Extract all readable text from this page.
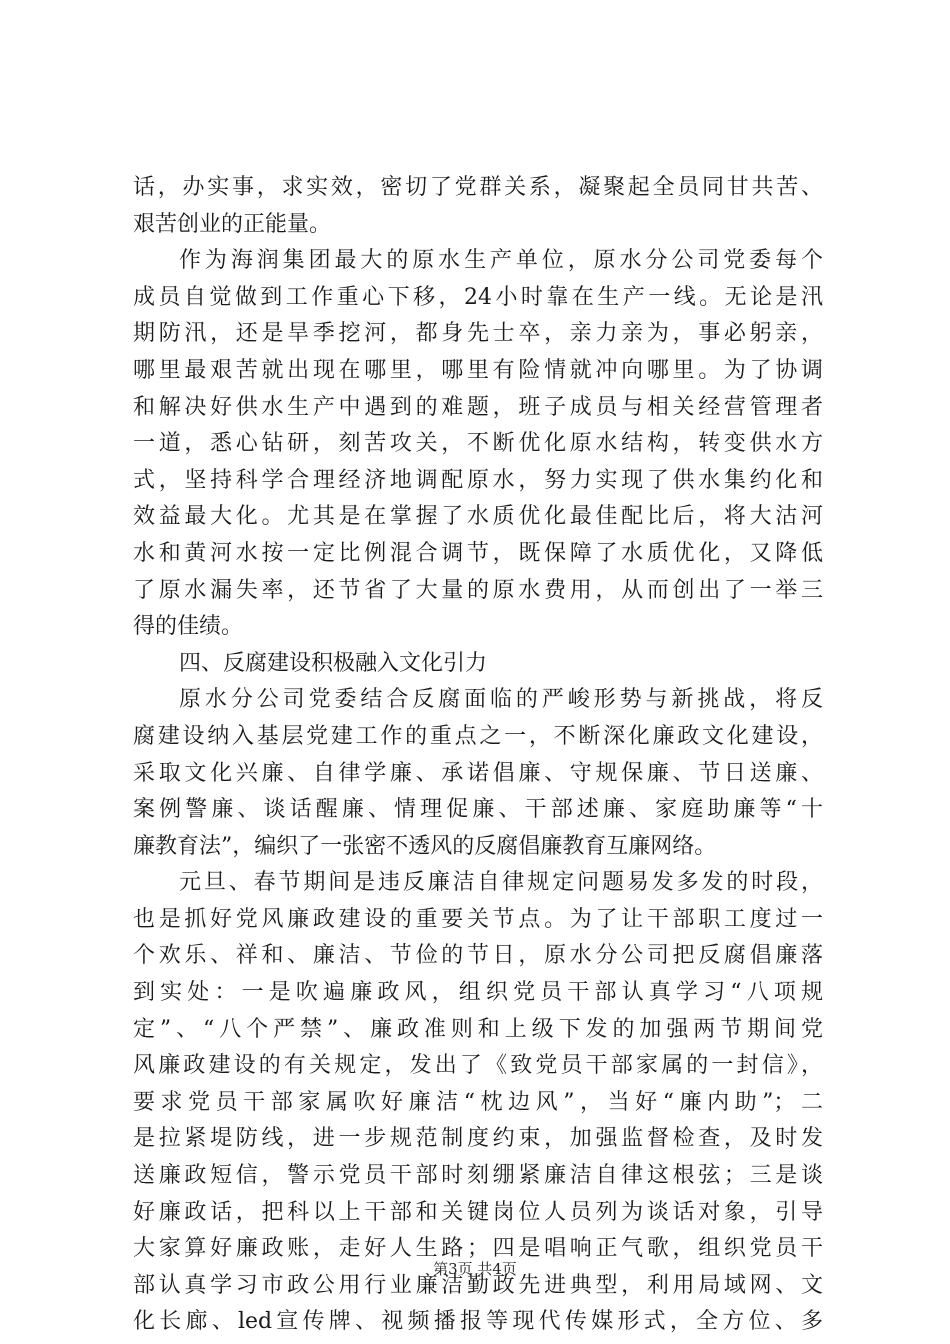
话，办实事，求实效，密切了党群关系，凝聚起全员同甘共苦、
艰苦创业的正能量。
作为海润集团最大的原水生产单位，原水分公司党委每个
成员自觉做到工作重心下移，24小时靠在生产一线。无论是汛
期防汛，还是旱季挖河，都身先士卒，亲力亲为，事必躬亲，
哪里最艰苦就出现在哪里，哪里有险情就冲向哪里。为了协调
和解决好供水生产中遇到的难题，班子成员与相关经营管理者
一道，悉心钻研，刻苦攻关，不断优化原水结构，转变供水方
式，坚持科学合理经济地调配原水，努力实现了供水集约化和
效益最大化。尤其是在掌握了水质优化最佳配比后，将大沽河
水和黄河水按一定比例混合调节，既保障了水质优化，又降低
了原水漏失率，还节省了大量的原水费用，从而创出了一举三
得的佳绩。
四、反腐建设积极融入文化引力
原水分公司党委结合反腐面临的严峻形势与新挑战，将反
腐建设纳入基层党建工作的重点之一，不断深化廉政文化建设，
采取文化兴廉、自律学廉、承诺倡廉、守规保廉、节日送廉、
案例警廉、谈话醒廉、情理促廉、干部述廉、家庭助廉等“十
廉教育法”，编织了一张密不透风的反腐倡廉教育互廉网络。
元旦、春节期间是违反廉洁自律规定问题易发多发的时段，
也是抓好党风廉政建设的重要关节点。为了让干部职工度过一
个欢乐、祥和、廉洁、节俭的节日，原水分公司把反腐倡廉落
到实处：一是吹遍廉政风，组织党员干部认真学习“八项规
定”、“八个严禁”、廉政准则和上级下发的加强两节期间党
风廉政建设的有关规定，发出了《致党员干部家属的一封信》，
要求党员干部家属吹好廉洁“枕边风”，当好“廉内助”；二
是拉紧堤防线，进一步规范制度约束，加强监督检查，及时发
送廉政短信，警示党员干部时刻绷紧廉洁自律这根弦；三是谈
好廉政话，把科以上干部和关键岗位人员列为谈话对象，引导
大家算好廉政账，走好人生路；四是唱响正气歌，组织党员干
部认真学习市政公用行业廉洁勤政先进典型，利用局域网、文
化长廊、led宣传牌、视频播报等现代传媒形式，全方位、多
第3页 共4页
